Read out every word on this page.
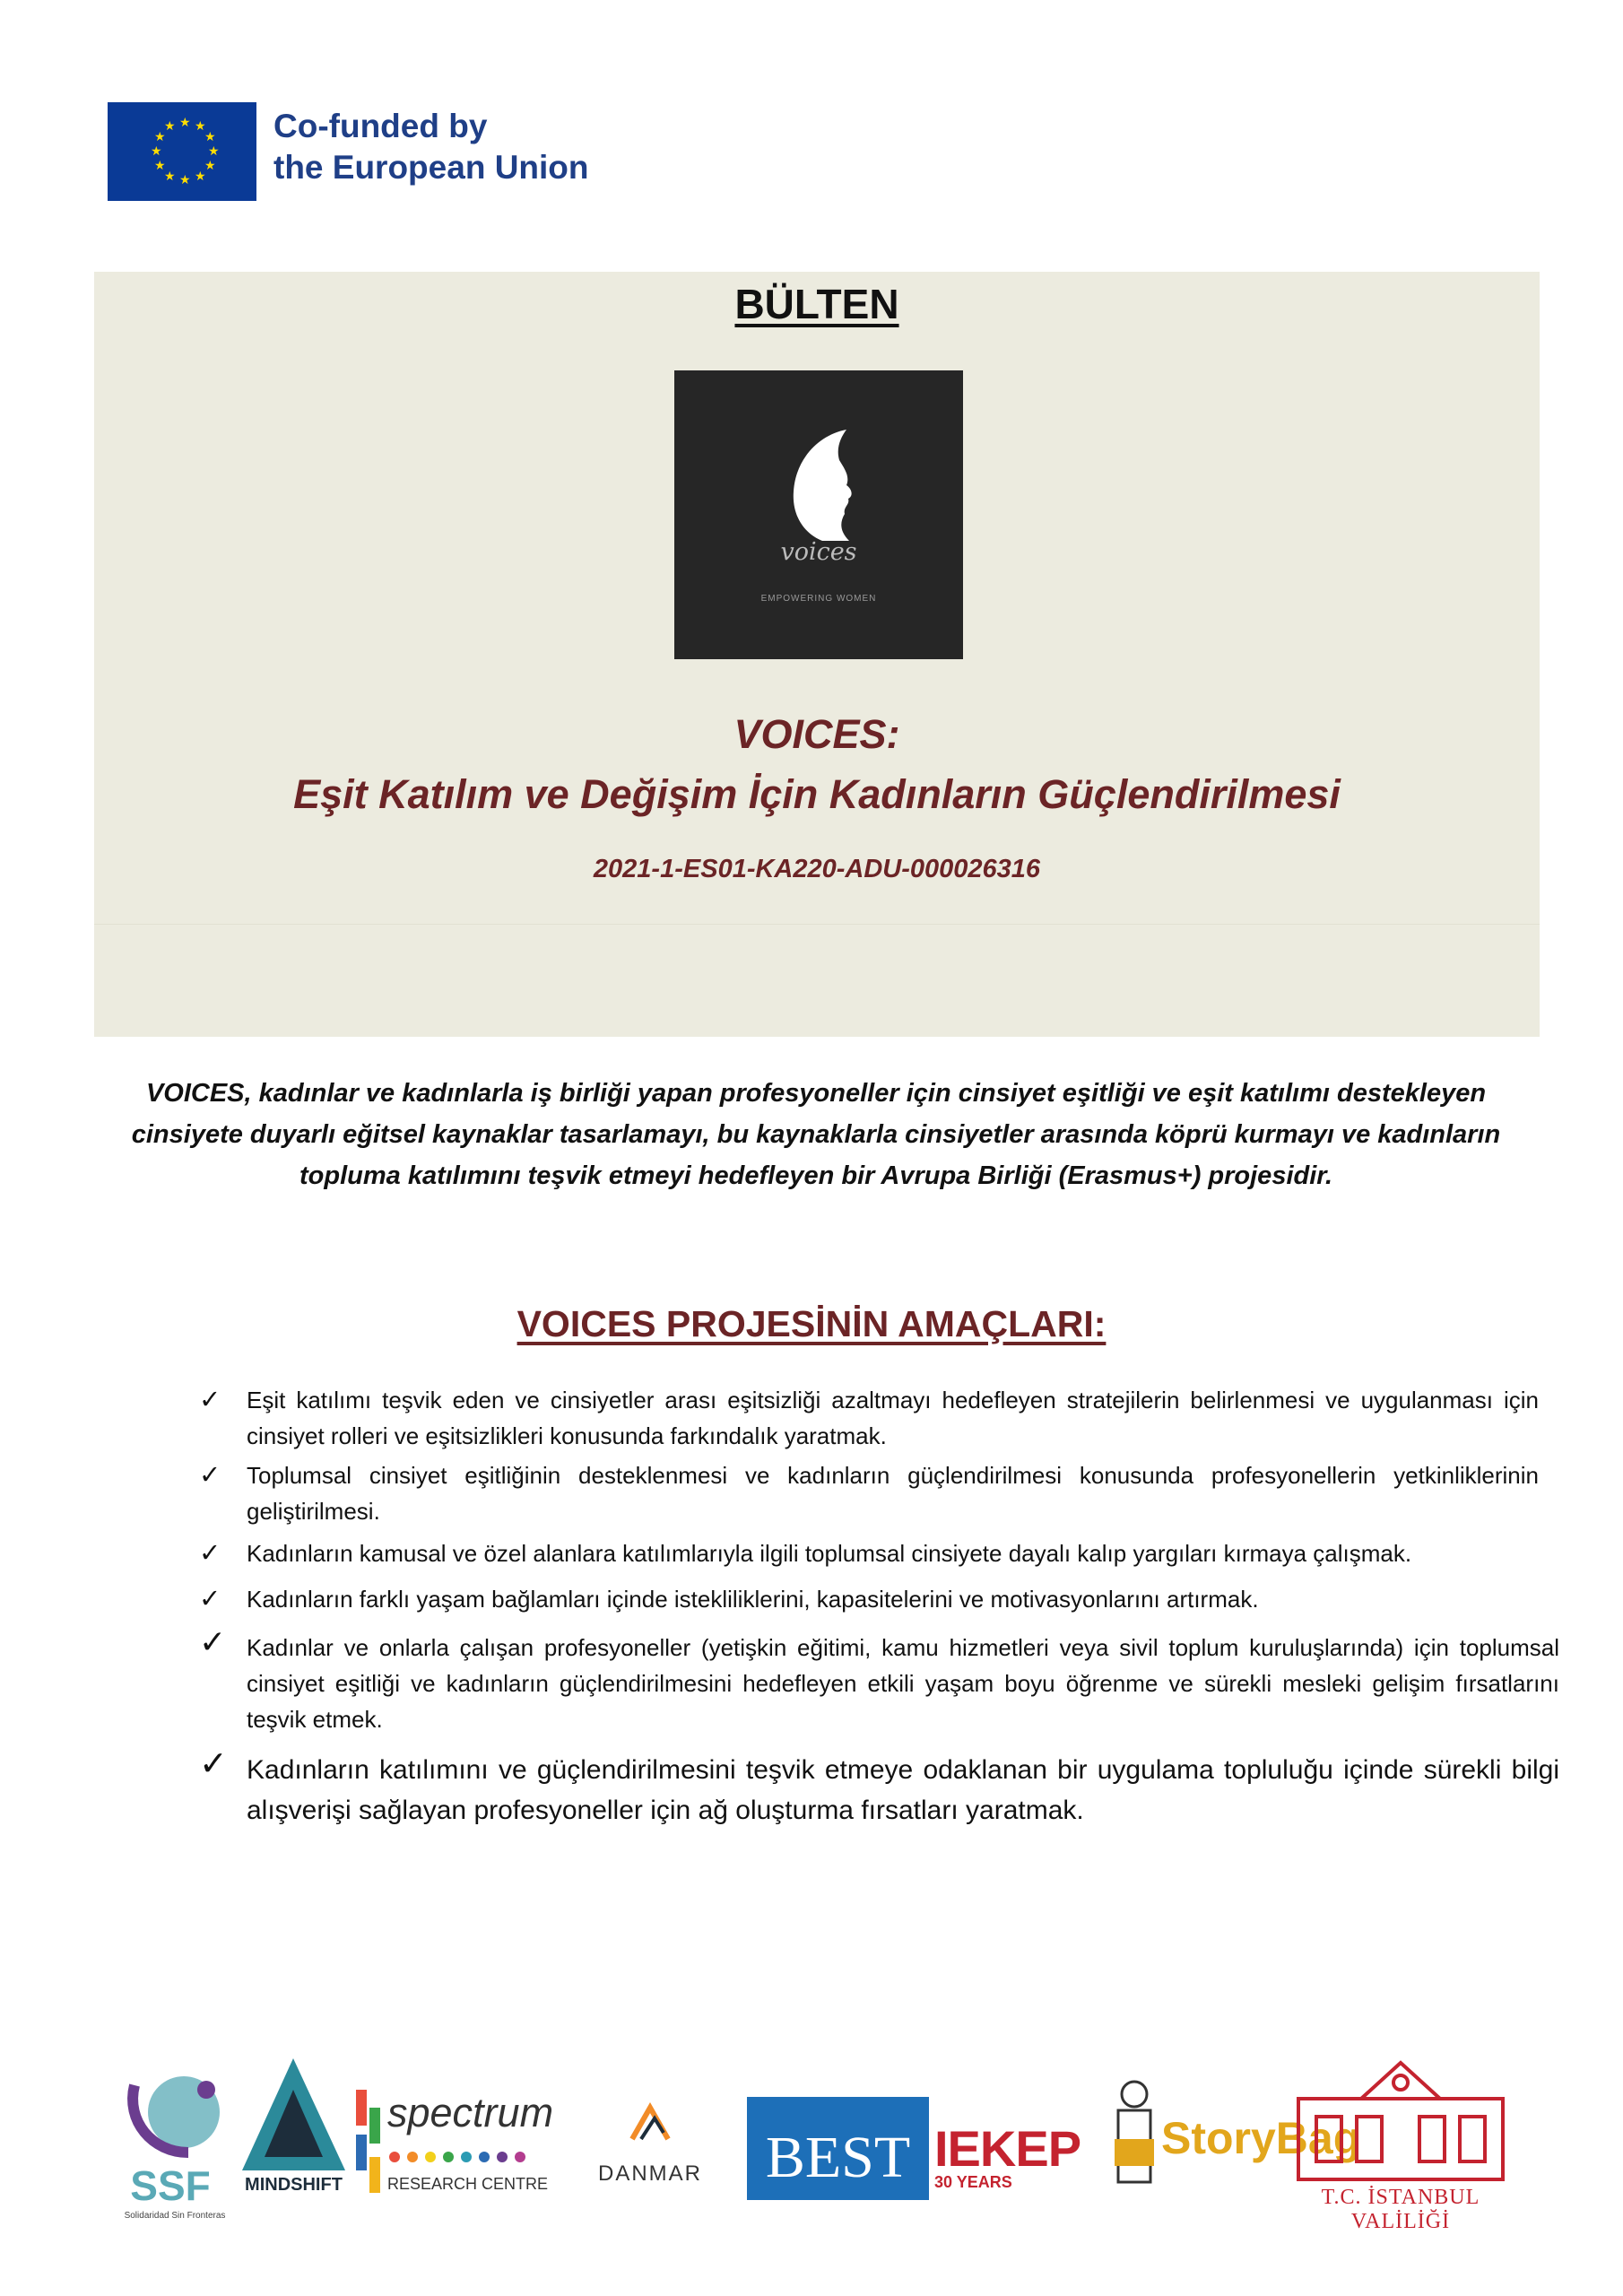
★ ★
★
★
★
★
★
★
★
★
★
★	Co-funded by
the European Union
BÜLTEN
voices
EMPOWERING WOMEN
VOICES:
Eşit Katılım ve Değişim İçin Kadınların Güçlendirilmesi
2021-1-ES01-KA220-ADU-000026316
VOICES, kadınlar ve kadınlarla iş birliği yapan profesyoneller için cinsiyet eşitliği ve eşit katılımı destekleyen cinsiyete duyarlı eğitsel kaynaklar tasarlamayı, bu kaynaklarla cinsiyetler arasında köprü kurmayı ve kadınların topluma katılımını teşvik etmeyi hedefleyen bir Avrupa Birliği (Erasmus+) projesidir.
VOICES PROJESİNİN AMAÇLARI:
✓ Eşit katılımı teşvik eden ve cinsiyetler arası eşitsizliği azaltmayı hedefleyen stratejilerin belirlenmesi ve uygulanması için cinsiyet rolleri ve eşitsizlikleri konusunda farkındalık yaratmak.
✓ Toplumsal cinsiyet eşitliğinin desteklenmesi ve kadınların güçlendirilmesi konusunda profesyonellerin yetkinliklerinin geliştirilmesi.
✓ Kadınların kamusal ve özel alanlara katılımlarıyla ilgili toplumsal cinsiyete dayalı kalıp yargıları kırmaya çalışmak.
✓ Kadınların farklı yaşam bağlamları içinde istekliliklerini, kapasitelerini ve motivasyonlarını artırmak.
✓ Kadınlar ve onlarla çalışan profesyoneller (yetişkin eğitimi, kamu hizmetleri veya sivil toplum kuruluşlarında) için toplumsal cinsiyet eşitliği ve kadınların güçlendirilmesini hedefleyen etkili yaşam boyu öğrenme ve sürekli mesleki gelişim fırsatlarını teşvik etmek.
✓ Kadınların katılımını ve güçlendirilmesini teşvik etmeye odaklanan bir uygulama topluluğu içinde sürekli bilgi alışverişi sağlayan profesyoneller için ağ oluşturma fırsatları yaratmak.
SSF
Solidaridad Sin Fronteras
MINDSHIFT
spectrum
RESEARCH CENTRE	DANMAR	BEST IEKEP
30 YEARS
StoryBag
T.C. İSTANBUL VALİLİĞİ
